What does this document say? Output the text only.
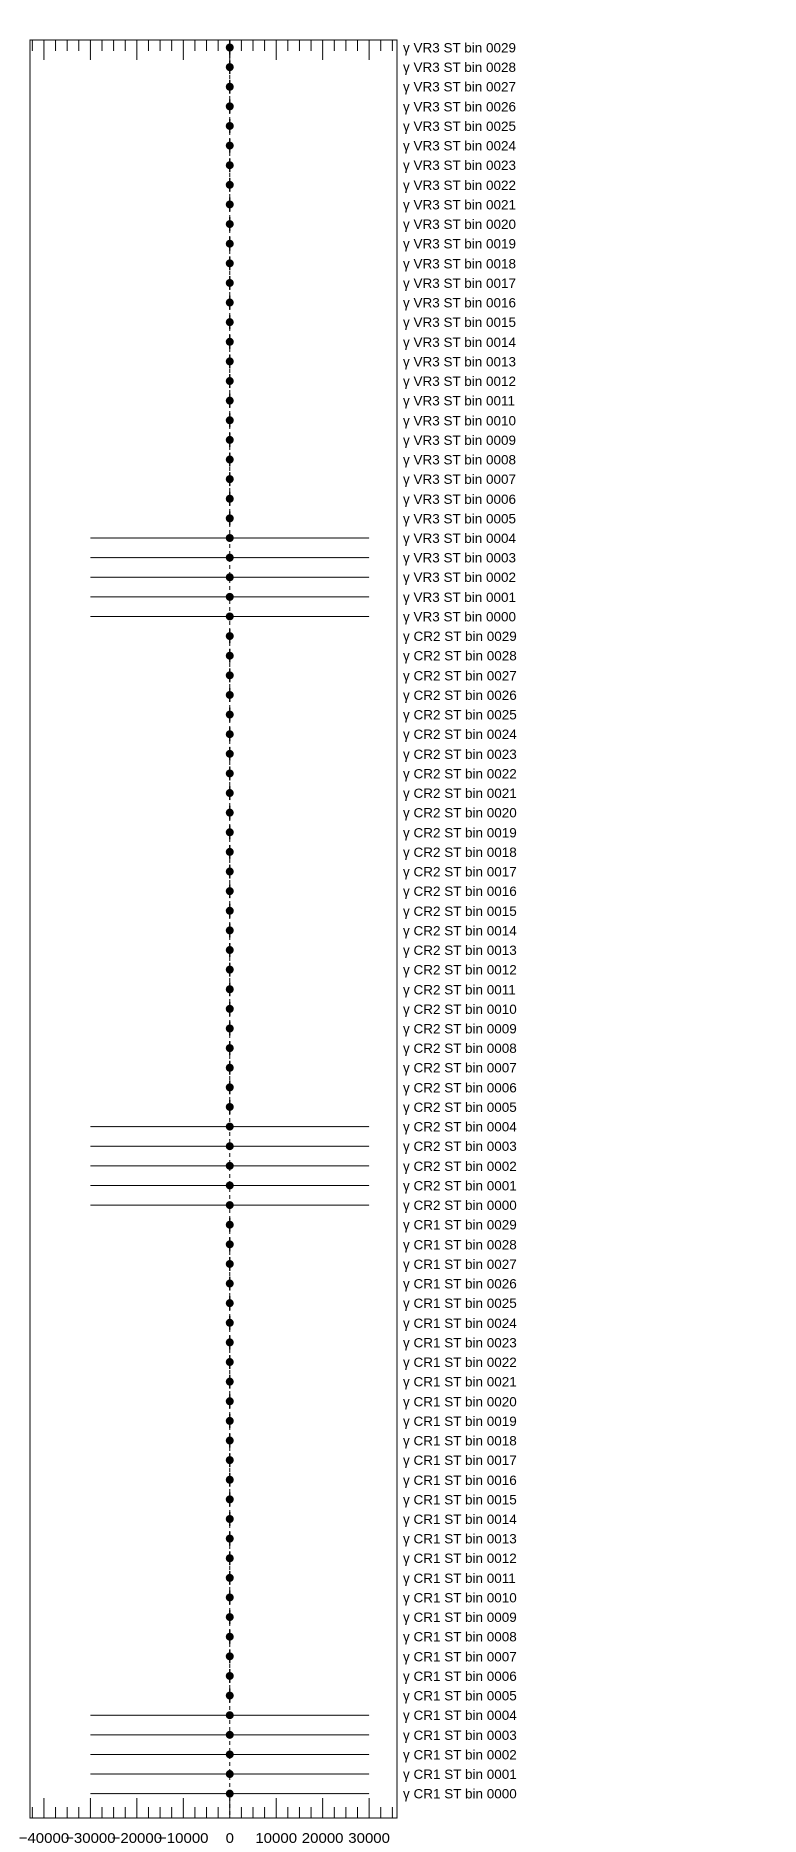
−40000
−30000
−20000
−10000 0 10000 20000 30000
γ VR3 ST bin 0029
γ VR3 ST bin 0028
γ VR3 ST bin 0027
γ VR3 ST bin 0026
γ VR3 ST bin 0025
γ VR3 ST bin 0024
γ VR3 ST bin 0023
γ VR3 ST bin 0022
γ VR3 ST bin 0021
γ VR3 ST bin 0020
γ VR3 ST bin 0019
γ VR3 ST bin 0018
γ VR3 ST bin 0017
γ VR3 ST bin 0016
γ VR3 ST bin 0015
γ VR3 ST bin 0014
γ VR3 ST bin 0013
γ VR3 ST bin 0012
γ VR3 ST bin 0011
γ VR3 ST bin 0010
γ VR3 ST bin 0009
γ VR3 ST bin 0008
γ VR3 ST bin 0007
γ VR3 ST bin 0006
γ VR3 ST bin 0005
γ VR3 ST bin 0004
γ VR3 ST bin 0003
γ VR3 ST bin 0002
γ VR3 ST bin 0001
γ VR3 ST bin 0000
γ CR2 ST bin 0029
γ CR2 ST bin 0028
γ CR2 ST bin 0027
γ CR2 ST bin 0026
γ CR2 ST bin 0025
γ CR2 ST bin 0024
γ CR2 ST bin 0023
γ CR2 ST bin 0022
γ CR2 ST bin 0021
γ CR2 ST bin 0020
γ CR2 ST bin 0019
γ CR2 ST bin 0018
γ CR2 ST bin 0017
γ CR2 ST bin 0016
γ CR2 ST bin 0015
γ CR2 ST bin 0014
γ CR2 ST bin 0013
γ CR2 ST bin 0012
γ CR2 ST bin 0011
γ CR2 ST bin 0010
γ CR2 ST bin 0009
γ CR2 ST bin 0008
γ CR2 ST bin 0007
γ CR2 ST bin 0006
γ CR2 ST bin 0005
γ CR2 ST bin 0004
γ CR2 ST bin 0003
γ CR2 ST bin 0002
γ CR2 ST bin 0001
γ CR2 ST bin 0000
γ CR1 ST bin 0029
γ CR1 ST bin 0028
γ CR1 ST bin 0027
γ CR1 ST bin 0026
γ CR1 ST bin 0025
γ CR1 ST bin 0024
γ CR1 ST bin 0023
γ CR1 ST bin 0022
γ CR1 ST bin 0021
γ CR1 ST bin 0020
γ CR1 ST bin 0019
γ CR1 ST bin 0018
γ CR1 ST bin 0017
γ CR1 ST bin 0016
γ CR1 ST bin 0015
γ CR1 ST bin 0014
γ CR1 ST bin 0013
γ CR1 ST bin 0012
γ CR1 ST bin 0011
γ CR1 ST bin 0010
γ CR1 ST bin 0009
γ CR1 ST bin 0008
γ CR1 ST bin 0007
γ CR1 ST bin 0006
γ CR1 ST bin 0005
γ CR1 ST bin 0004
γ CR1 ST bin 0003
γ CR1 ST bin 0002
γ CR1 ST bin 0001
γ CR1 ST bin 0000
